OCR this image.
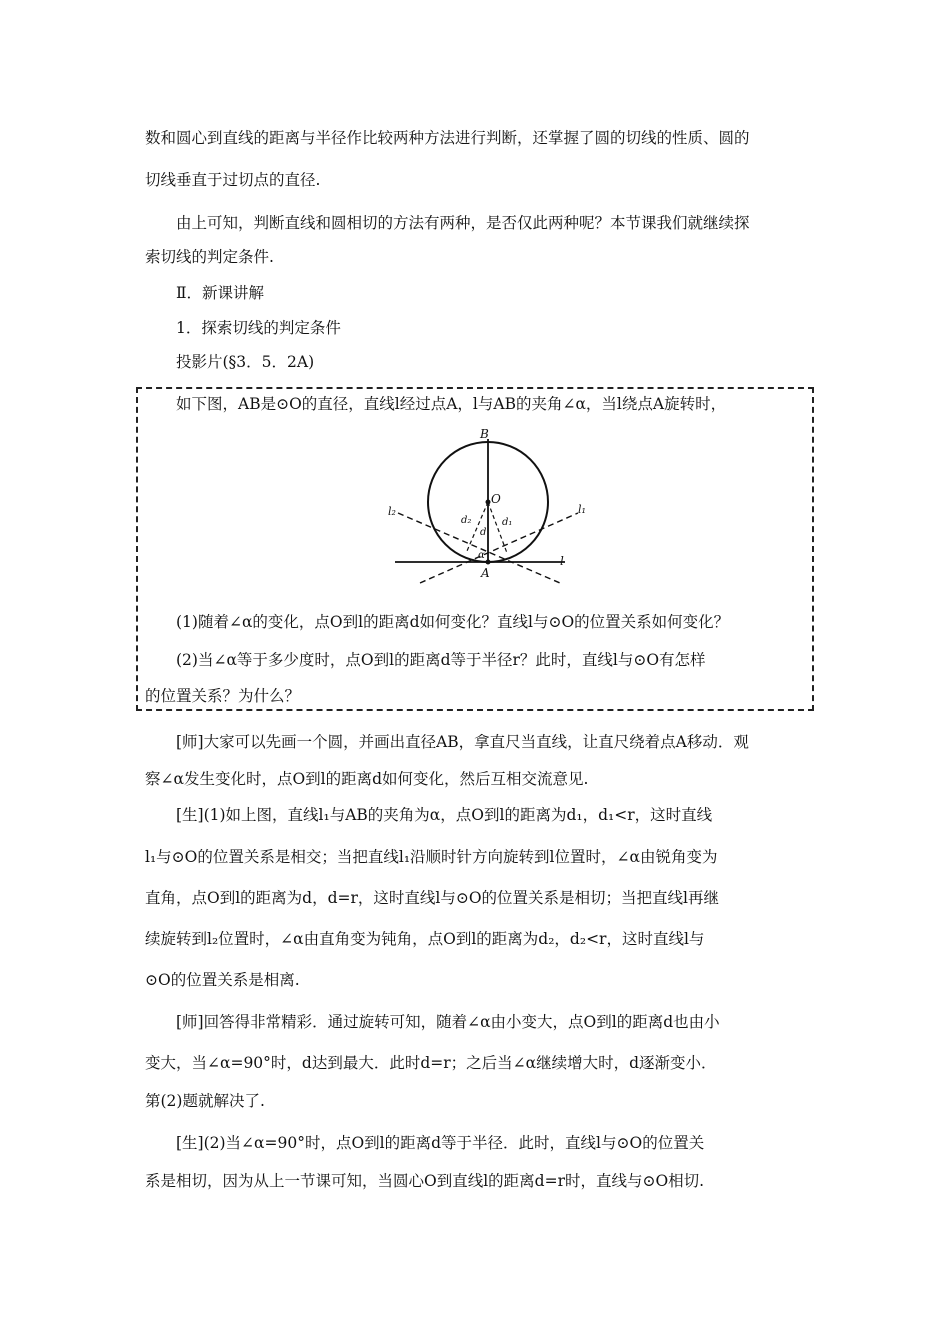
数和圆心到直线的距离与半径作比较两种方法进行判断，还掌握了圆的切线的性质、圆的
切线垂直于过切点的直径.
由上可知，判断直线和圆相切的方法有两种，是否仅此两种呢？本节课我们就继续探
索切线的判定条件.
Ⅱ．新课讲解
1．探索切线的判定条件
投影片(§3．5．2A)
如下图，AB是⊙O的直径，直线l经过点A，l与AB的夹角∠α，当l绕点A旋转时，
B
O
A
l
l₁
l₂
d
d₁
d₂
α
(1)随着∠α的变化，点O到l的距离d如何变化？直线l与⊙O的位置关系如何变化？
(2)当∠α等于多少度时，点O到l的距离d等于半径r？此时，直线l与⊙O有怎样
的位置关系？为什么？
[师]大家可以先画一个圆，并画出直径AB，拿直尺当直线，让直尺绕着点A移动．观
察∠α发生变化时，点O到l的距离d如何变化，然后互相交流意见.
[生](1)如上图，直线l₁与AB的夹角为α，点O到l的距离为d₁，d₁<r，这时直线
l₁与⊙O的位置关系是相交；当把直线l₁沿顺时针方向旋转到l位置时，∠α由锐角变为
直角，点O到l的距离为d，d=r，这时直线l与⊙O的位置关系是相切；当把直线l再继
续旋转到l₂位置时，∠α由直角变为钝角，点O到l的距离为d₂，d₂<r，这时直线l与
⊙O的位置关系是相离.
[师]回答得非常精彩．通过旋转可知，随着∠α由小变大，点O到l的距离d也由小
变大，当∠α=90°时，d达到最大．此时d=r；之后当∠α继续增大时，d逐渐变小．
第(2)题就解决了.
[生](2)当∠α=90°时，点O到l的距离d等于半径．此时，直线l与⊙O的位置关
系是相切，因为从上一节课可知，当圆心O到直线l的距离d=r时，直线与⊙O相切.
